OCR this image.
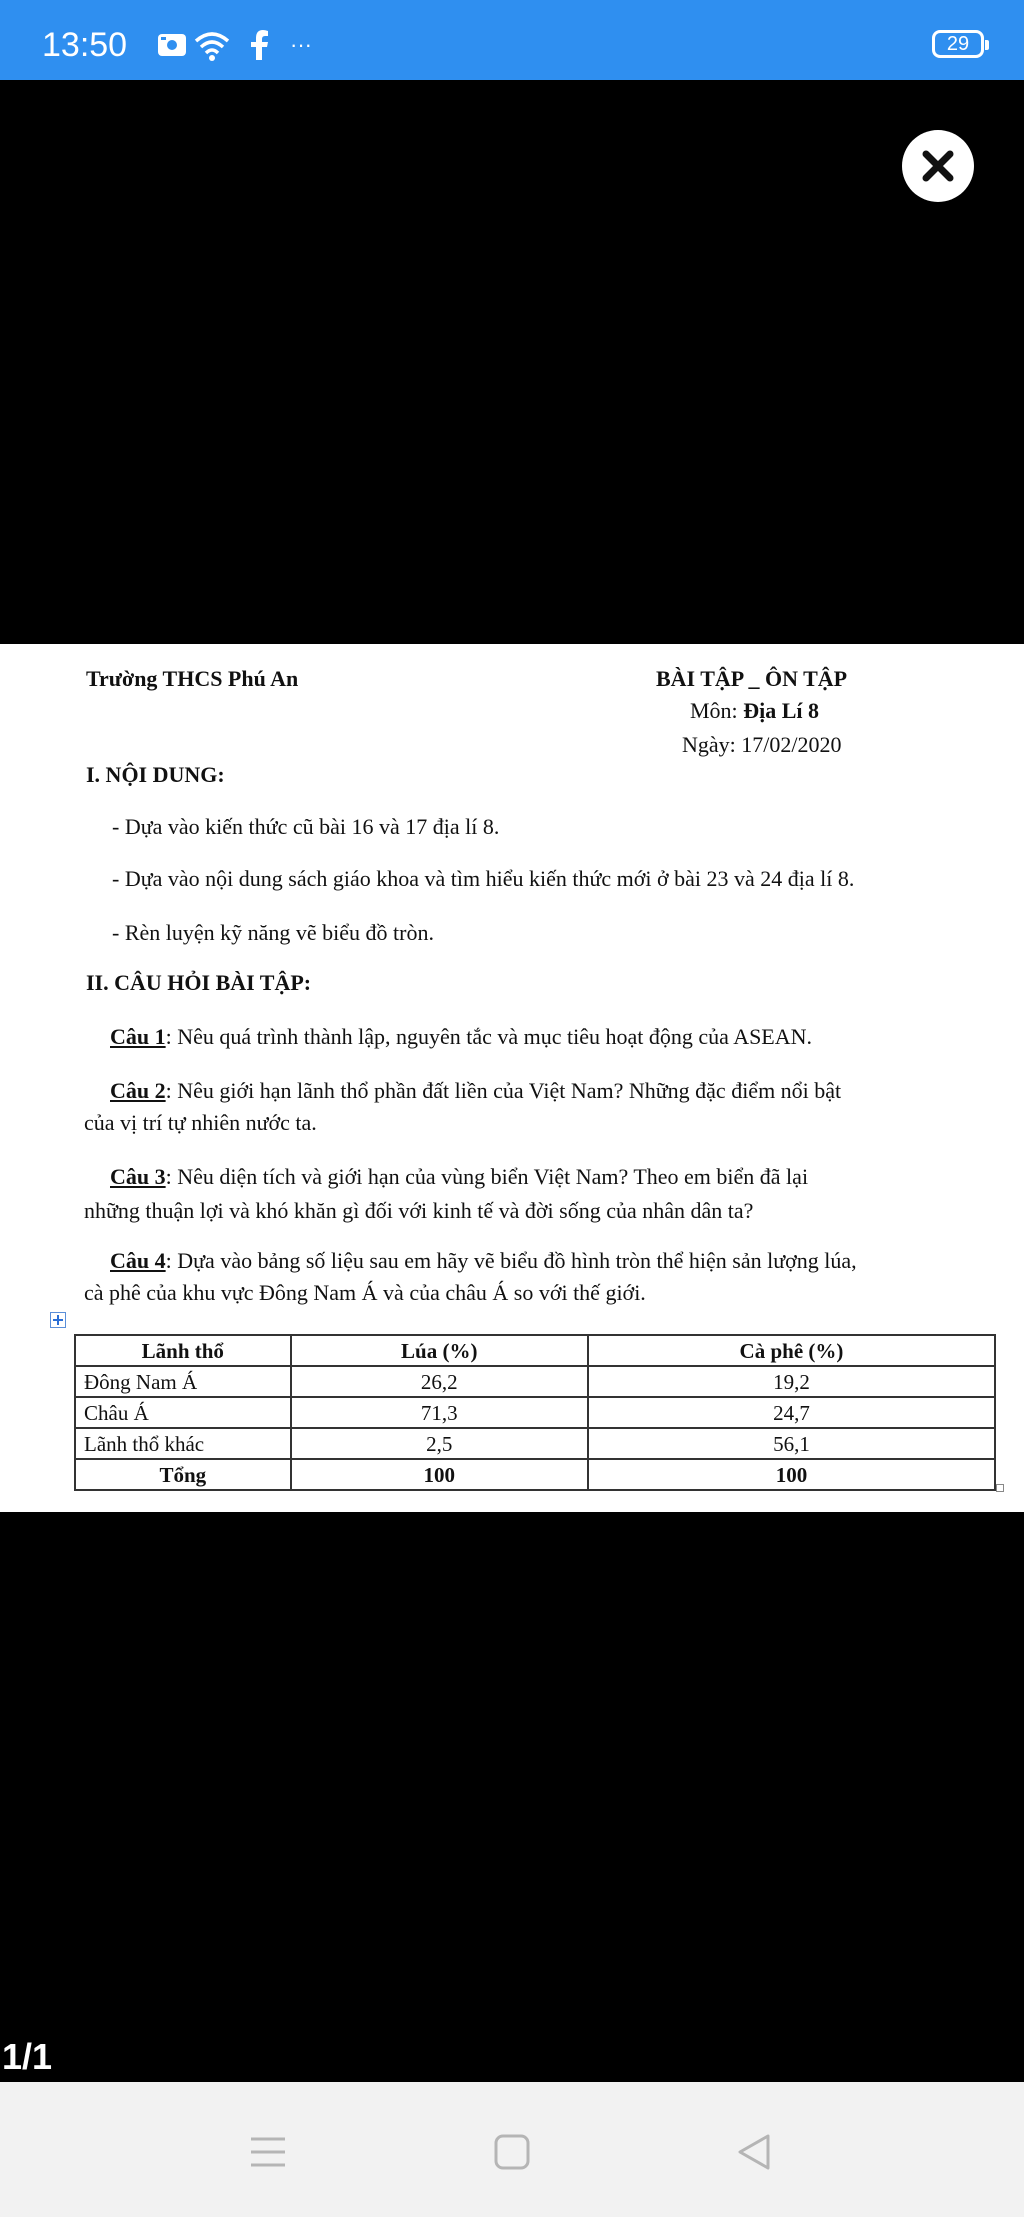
13:50	···	29
Trường THCS Phú An	BÀI TẬP _ ÔN TẬP
Môn: Địa Lí 8
Ngày: 17/02/2020
I. NỘI DUNG:
- Dựa vào kiến thức cũ bài 16 và 17 địa lí 8.
- Dựa vào nội dung sách giáo khoa và tìm hiểu kiến thức mới ở bài 23 và 24 địa lí 8.
- Rèn luyện kỹ năng vẽ biểu đồ tròn.
II. CÂU HỎI BÀI TẬP:
Câu 1: Nêu quá trình thành lập, nguyên tắc và mục tiêu hoạt động của ASEAN.
Câu 2: Nêu giới hạn lãnh thổ phần đất liền của Việt Nam? Những đặc điểm nổi bật
của vị trí tự nhiên nước ta.
Câu 3: Nêu diện tích và giới hạn của vùng biển Việt Nam? Theo em biển đã lại
những thuận lợi và khó khăn gì đối với kinh tế và đời sống của nhân dân ta?
Câu 4: Dựa vào bảng số liệu sau em hãy vẽ biểu đồ hình tròn thể hiện sản lượng lúa,
cà phê của khu vực Đông Nam Á và của châu Á so với thế giới.
Lãnh thổ	Lúa (%)	Cà phê (%)
Đông Nam Á	26,2	19,2
Châu Á	71,3	24,7
Lãnh thổ khác	2,5	56,1
Tổng	100	100
1/1
